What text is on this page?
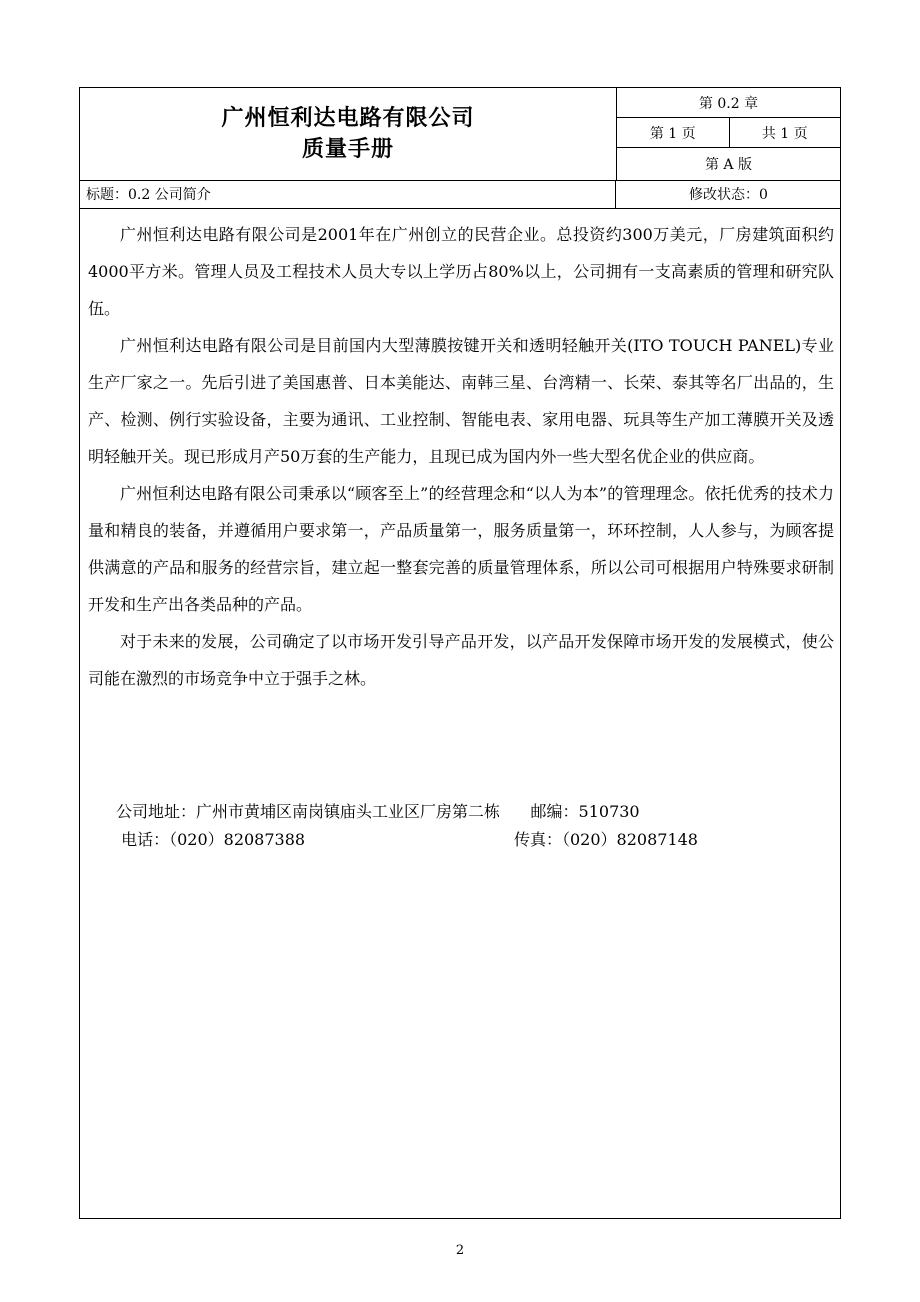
广州恒利达电路有限公司
质量手册
第 0.2 章
第 1 页	共 1 页
第 A 版
标题：0.2 公司简介	修改状态：0

广州恒利达电路有限公司是2001年在广州创立的民营企业。总投资约300万美元，厂房建筑面积约4000平方米。管理人员及工程技术人员大专以上学历占80%以上，公司拥有一支高素质的管理和研究队伍。

广州恒利达电路有限公司是目前国内大型薄膜按键开关和透明轻触开关(ITO TOUCH PANEL)专业生产厂家之一。先后引进了美国惠普、日本美能达、南韩三星、台湾精一、长荣、泰其等名厂出品的，生产、检测、例行实验设备，主要为通讯、工业控制、智能电表、家用电器、玩具等生产加工薄膜开关及透明轻触开关。现已形成月产50万套的生产能力，且现已成为国内外一些大型名优企业的供应商。

广州恒利达电路有限公司秉承以“顾客至上”的经营理念和“以人为本”的管理理念。依托优秀的技术力量和精良的装备，并遵循用户要求第一，产品质量第一，服务质量第一，环环控制，人人参与，为顾客提供满意的产品和服务的经营宗旨，建立起一整套完善的质量管理体系，所以公司可根据用户特殊要求研制开发和生产出各类品种的产品。

对于未来的发展，公司确定了以市场开发引导产品开发，以产品开发保障市场开发的发展模式，使公司能在激烈的市场竞争中立于强手之林。

公司地址：广州市黄埔区南岗镇庙头工业区厂房第二栋
邮编：510730

电话：（020）82087388	传真：（020）82087148
2
